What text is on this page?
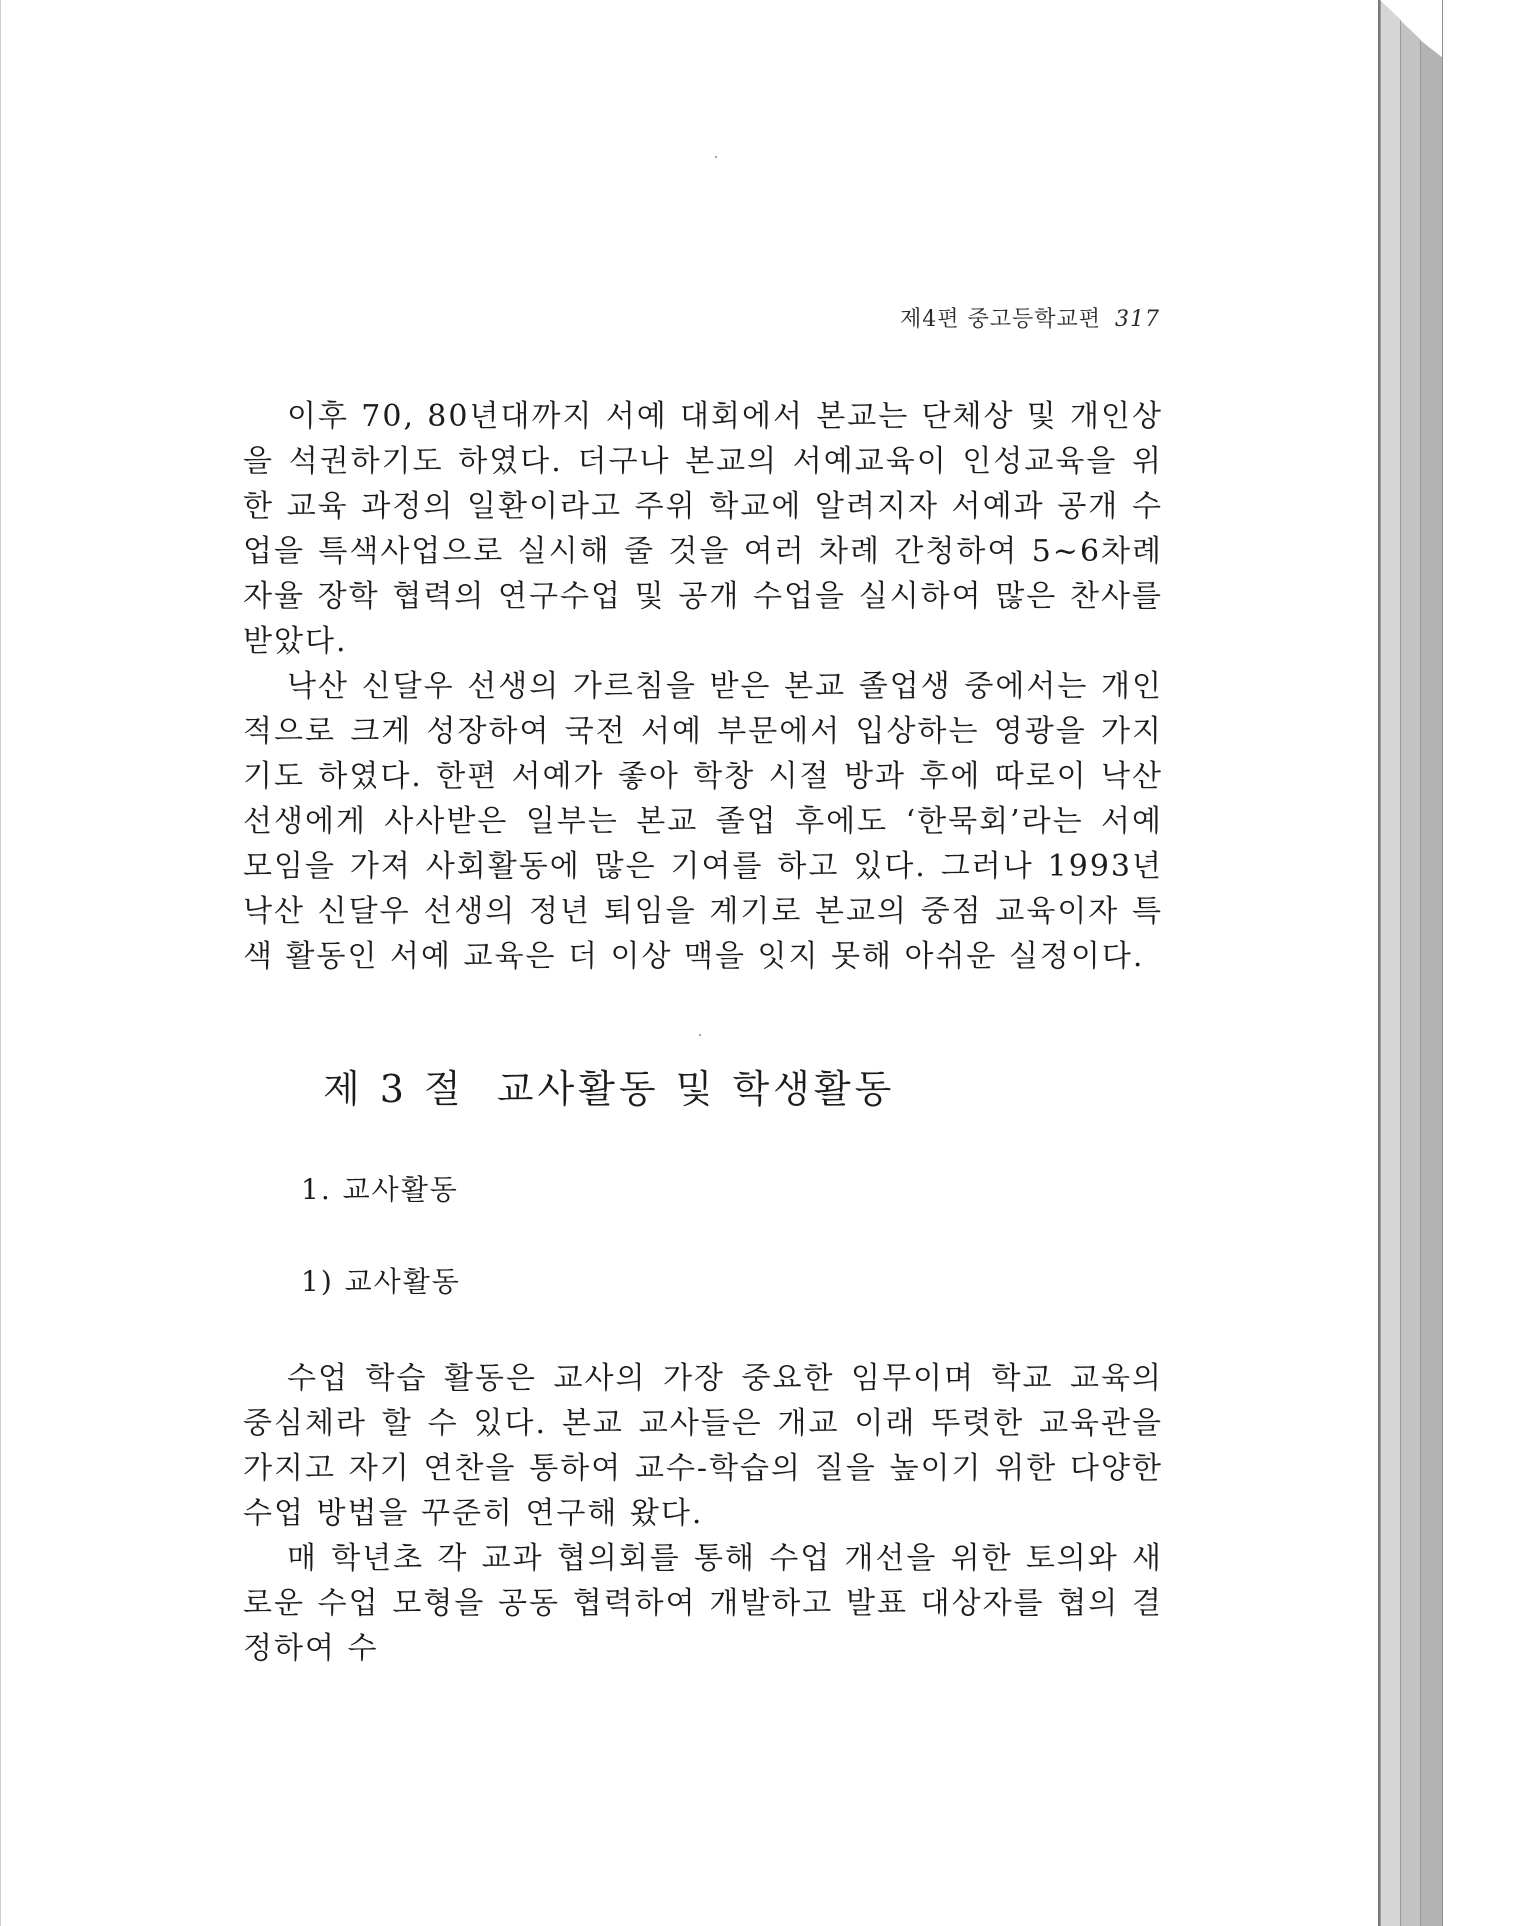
제4편 중고등학교편 317

이후 70, 80년대까지 서예 대회에서 본교는 단체상 및 개인상을 석권하기도 하였다. 더구나 본교의 서예교육이 인성교육을 위한 교육 과정의 일환이라고 주위 학교에 알려지자 서예과 공개 수업을 특색사업으로 실시해 줄 것을 여러 차례 간청하여 5~6차례 자율 장학 협력의 연구수업 및 공개 수업을 실시하여 많은 찬사를 받았다.

낙산 신달우 선생의 가르침을 받은 본교 졸업생 중에서는 개인적으로 크게 성장하여 국전 서예 부문에서 입상하는 영광을 가지기도 하였다. 한편 서예가 좋아 학창 시절 방과 후에 따로이 낙산 선생에게 사사받은 일부는 본교 졸업 후에도 ‘한묵회’라는 서예 모임을 가져 사회활동에 많은 기여를 하고 있다. 그러나 1993년 낙산 신달우 선생의 정년 퇴임을 계기로 본교의 중점 교육이자 특색 활동인 서예 교육은 더 이상 맥을 잇지 못해 아쉬운 실정이다.

제 3 절 교사활동 및 학생활동
1. 교사활동
1) 교사활동

수업 학습 활동은 교사의 가장 중요한 임무이며 학교 교육의 중심체라 할 수 있다. 본교 교사들은 개교 이래 뚜렷한 교육관을 가지고 자기 연찬을 통하여 교수-학습의 질을 높이기 위한 다양한 수업 방법을 꾸준히 연구해 왔다.

매 학년초 각 교과 협의회를 통해 수업 개선을 위한 토의와 새로운 수업 모형을 공동 협력하여 개발하고 발표 대상자를 협의 결정하여 수
